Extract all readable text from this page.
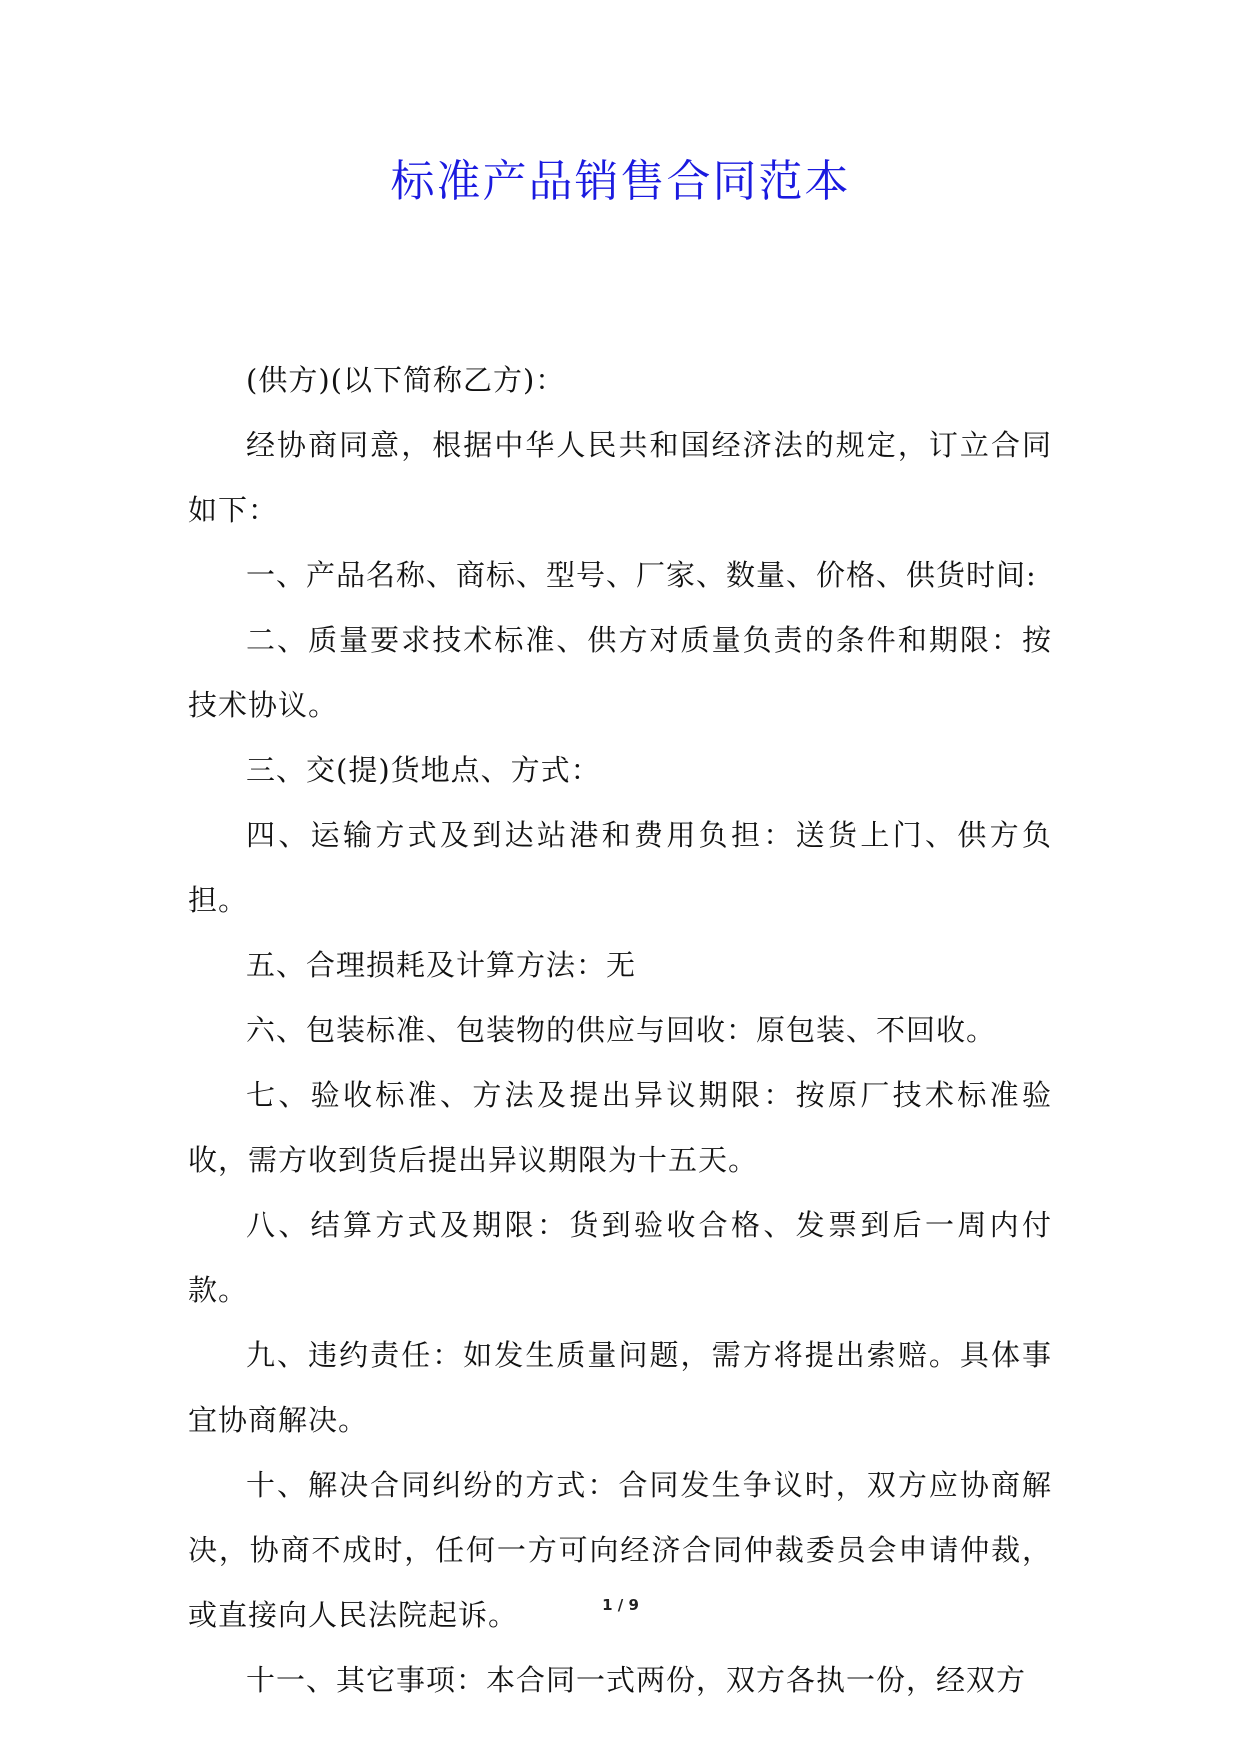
标准产品销售合同范本

(供方)(以下简称乙方)：

经协商同意，根据中华人民共和国经济法的规定，订立合同如下：

一、产品名称、商标、型号、厂家、数量、价格、供货时间:

二、质量要求技术标准、供方对质量负责的条件和期限：按技术协议。

三、交(提)货地点、方式：

四、运输方式及到达站港和费用负担：送货上门、供方负担。

五、合理损耗及计算方法：无

六、包装标准、包装物的供应与回收：原包装、不回收。

七、验收标准、方法及提出异议期限：按原厂技术标准验收，需方收到货后提出异议期限为十五天。

八、结算方式及期限：货到验收合格、发票到后一周内付款。

九、违约责任：如发生质量问题，需方将提出索赔。具体事宜协商解决。

十、解决合同纠纷的方式：合同发生争议时，双方应协商解决，协商不成时，任何一方可向经济合同仲裁委员会申请仲裁，或直接向人民法院起诉。

十一、其它事项：本合同一式两份，双方各执一份，经双方

1 / 9
